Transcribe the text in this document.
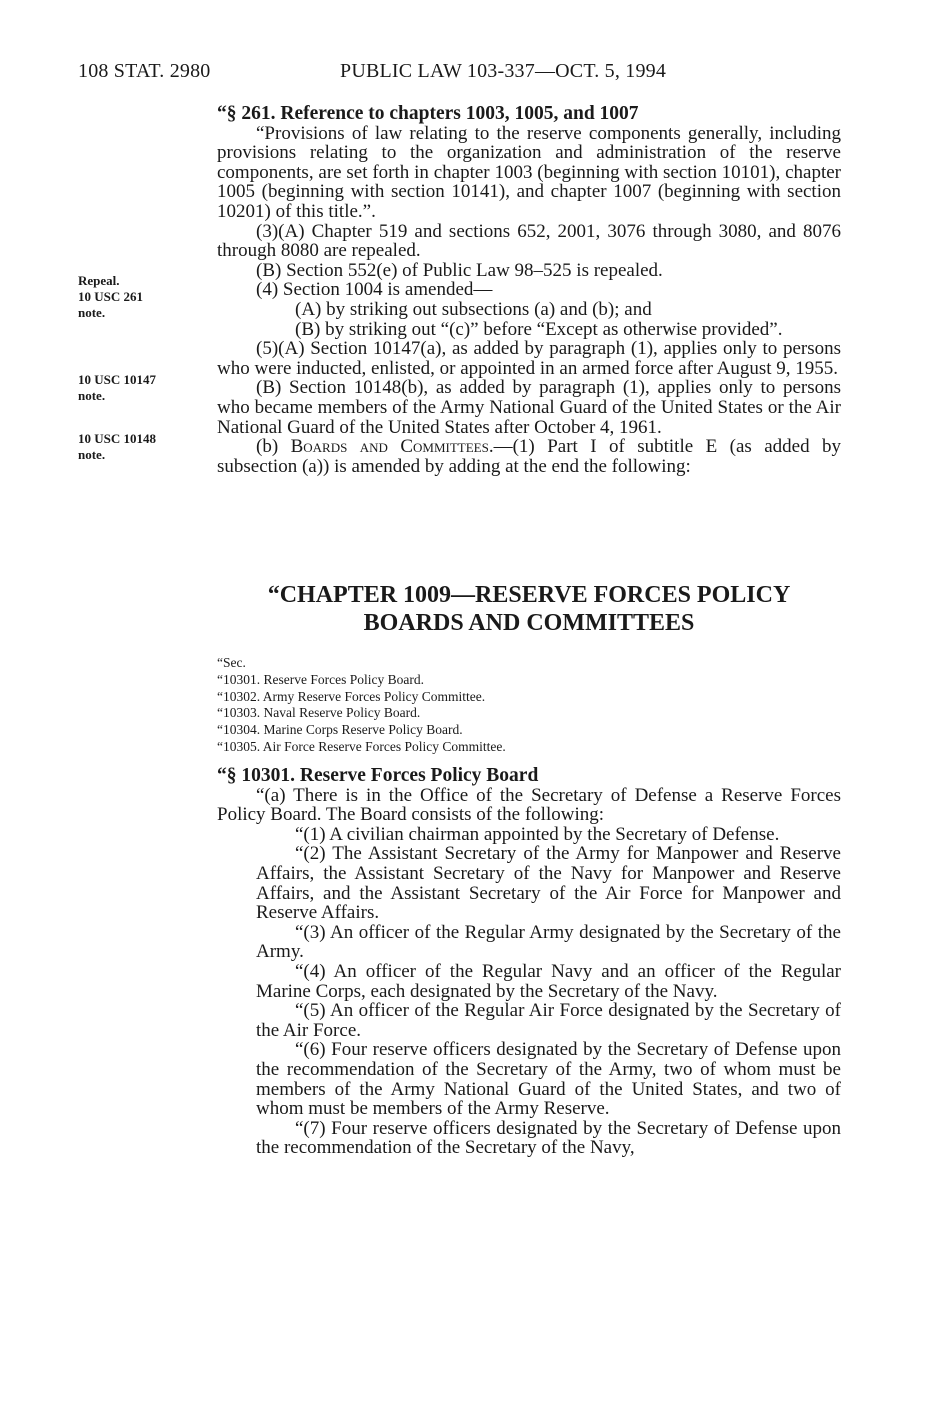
108 STAT. 2980	PUBLIC LAW 103-337—OCT. 5, 1994
Repeal.
10 USC 261
note.
10 USC 10147
note.
10 USC 10148
note.

“§ 261. Reference to chapters 1003, 1005, and 1007

“Provisions of law relating to the reserve components generally, including provisions relating to the organization and administration of the reserve components, are set forth in chapter 1003 (beginning with section 10101), chapter 1005 (beginning with section 10141), and chapter 1007 (beginning with section 10201) of this title.”.

(3)(A) Chapter 519 and sections 652, 2001, 3076 through 3080, and 8076 through 8080 are repealed.

(B) Section 552(e) of Public Law 98–525 is repealed.

(4) Section 1004 is amended—

(A) by striking out subsections (a) and (b); and

(B) by striking out “(c)” before “Except as otherwise provided”.

(5)(A) Section 10147(a), as added by paragraph (1), applies only to persons who were inducted, enlisted, or appointed in an armed force after August 9, 1955.

(B) Section 10148(b), as added by paragraph (1), applies only to persons who became members of the Army National Guard of the United States or the Air National Guard of the United States after October 4, 1961.

(b) Boards and Committees.—(1) Part I of subtitle E (as added by subsection (a)) is amended by adding at the end the following:

“CHAPTER 1009—RESERVE FORCES POLICY
BOARDS AND COMMITTEES
“Sec.
“10301. Reserve Forces Policy Board.
“10302. Army Reserve Forces Policy Committee.
“10303. Naval Reserve Policy Board.
“10304. Marine Corps Reserve Policy Board.
“10305. Air Force Reserve Forces Policy Committee.

“§ 10301. Reserve Forces Policy Board

“(a) There is in the Office of the Secretary of Defense a Reserve Forces Policy Board. The Board consists of the following:

“(1) A civilian chairman appointed by the Secretary of Defense.

“(2) The Assistant Secretary of the Army for Manpower and Reserve Affairs, the Assistant Secretary of the Navy for Manpower and Reserve Affairs, and the Assistant Secretary of the Air Force for Manpower and Reserve Affairs.

“(3) An officer of the Regular Army designated by the Secretary of the Army.

“(4) An officer of the Regular Navy and an officer of the Regular Marine Corps, each designated by the Secretary of the Navy.

“(5) An officer of the Regular Air Force designated by the Secretary of the Air Force.

“(6) Four reserve officers designated by the Secretary of Defense upon the recommendation of the Secretary of the Army, two of whom must be members of the Army National Guard of the United States, and two of whom must be members of the Army Reserve.

“(7) Four reserve officers designated by the Secretary of Defense upon the recommendation of the Secretary of the Navy,
